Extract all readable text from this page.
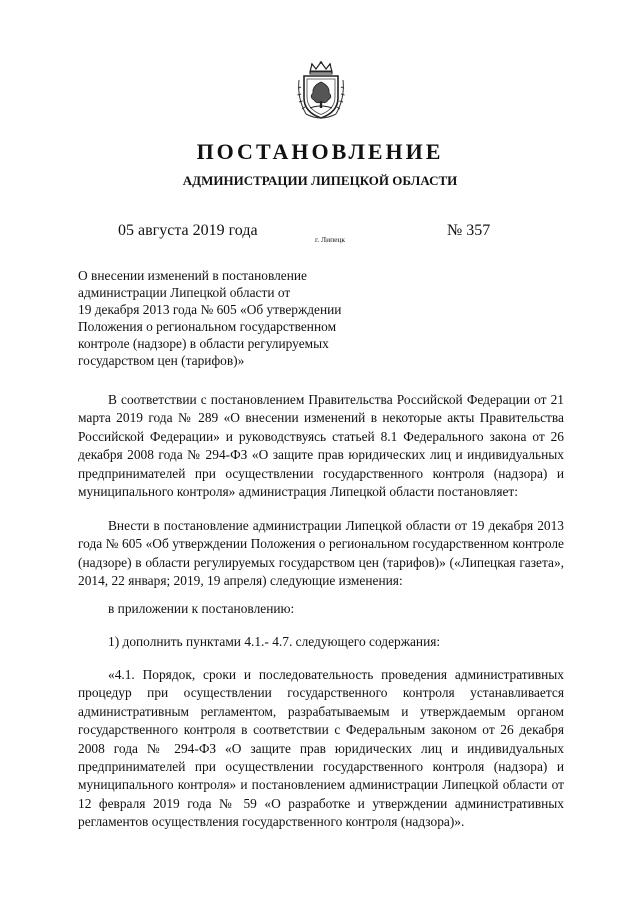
ПОСТАНОВЛЕНИЕ
АДМИНИСТРАЦИИ ЛИПЕЦКОЙ ОБЛАСТИ
05 августа 2019 года
г. Липецк
№ 357
О внесении изменений в постановление
администрации Липецкой области от
19 декабря 2013 года № 605 «Об утверждении
Положения о региональном государственном
контроле (надзоре) в области регулируемых
государством цен (тарифов)»

В соответствии с постановлением Правительства Российской Федерации от 21 марта 2019 года № 289 «О внесении изменений в некоторые акты Правительства Российской Федерации» и руководствуясь статьей 8.1 Федерального закона от 26 декабря 2008 года № 294-ФЗ «О защите прав юридических лиц и индивидуальных предпринимателей при осуществлении государственного контроля (надзора) и муниципального контроля» администрация Липецкой области постановляет:

Внести в постановление администрации Липецкой области от 19 декабря 2013 года № 605 «Об утверждении Положения о региональном государственном контроле (надзоре) в области регулируемых государством цен (тарифов)» («Липецкая газета», 2014, 22 января; 2019, 19 апреля) следующие изменения:

в приложении к постановлению:

1) дополнить пунктами 4.1.- 4.7. следующего содержания:

«4.1. Порядок, сроки и последовательность проведения административных процедур при осуществлении государственного контроля устанавливается административным регламентом, разрабатываемым и утверждаемым органом государственного контроля в соответствии с Федеральным законом от 26 декабря 2008 года № 294-ФЗ «О защите прав юридических лиц и индивидуальных предпринимателей при осуществлении государственного контроля (надзора) и муниципального контроля» и постановлением администрации Липецкой области от 12 февраля 2019 года № 59 «О разработке и утверждении административных регламентов осуществления государственного контроля (надзора)».
